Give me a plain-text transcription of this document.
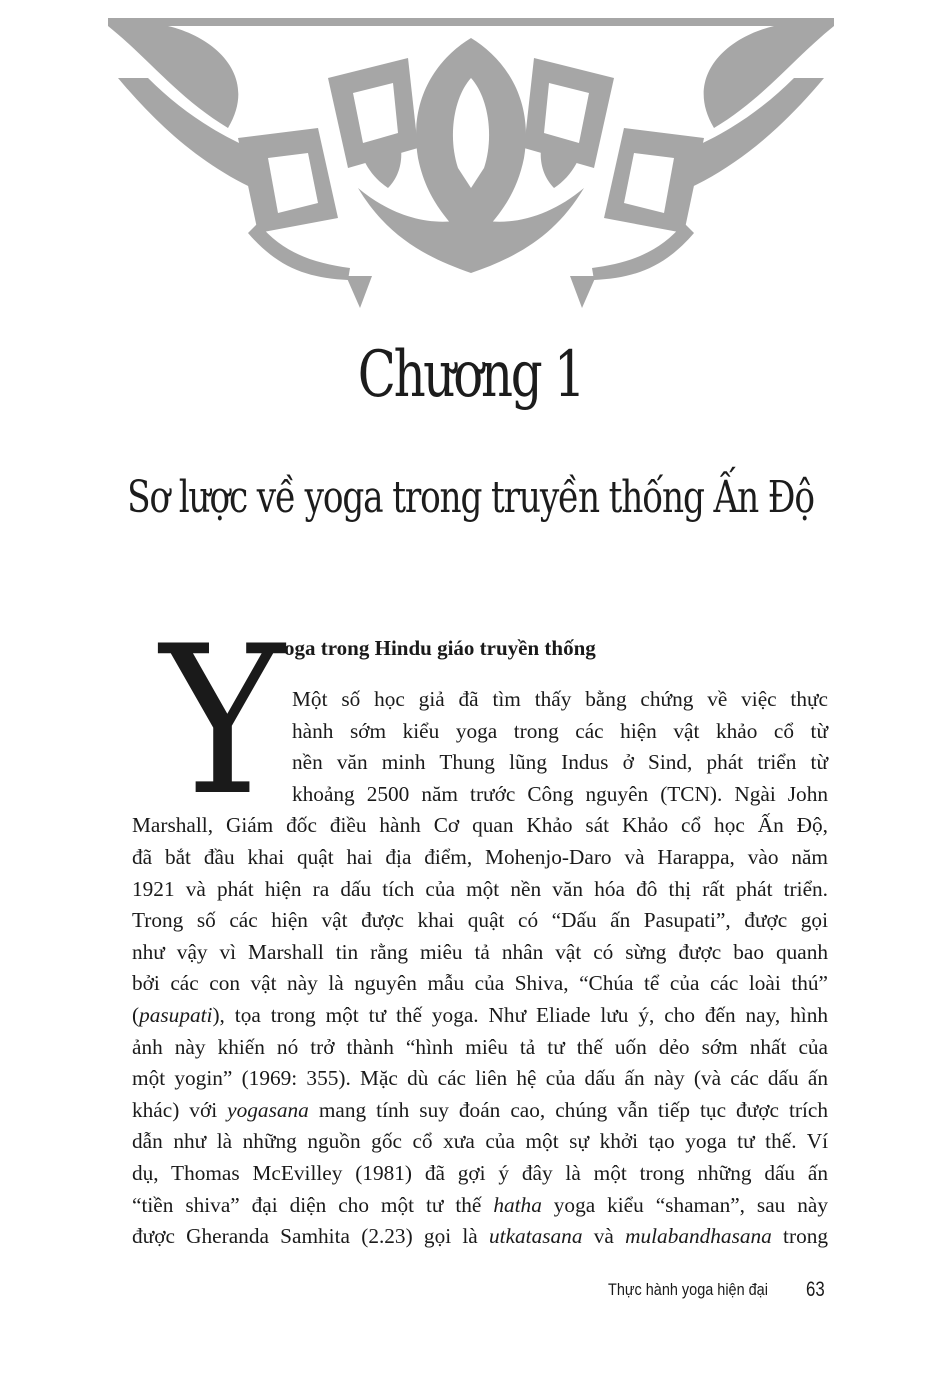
Chương 1
Sơ lược về yoga trong truyền thống Ấn Độ
Y oga trong Hindu giáo truyền thống
Một số học giả đã tìm thấy bằng chứng về việc thực
hành sớm kiểu yoga trong các hiện vật khảo cổ từ
nền văn minh Thung lũng Indus ở Sind, phát triển từ
khoảng 2500 năm trước Công nguyên (TCN). Ngài John
Marshall, Giám đốc điều hành Cơ quan Khảo sát Khảo cổ học Ấn Độ,
đã bắt đầu khai quật hai địa điểm, Mohenjo-Daro và Harappa, vào năm
1921 và phát hiện ra dấu tích của một nền văn hóa đô thị rất phát triển.
Trong số các hiện vật được khai quật có “Dấu ấn Pasupati”, được gọi
như vậy vì Marshall tin rằng miêu tả nhân vật có sừng được bao quanh
bởi các con vật này là nguyên mẫu của Shiva, “Chúa tể của các loài thú”
(pasupati), tọa trong một tư thế yoga. Như Eliade lưu ý, cho đến nay, hình
ảnh này khiến nó trở thành “hình miêu tả tư thế uốn dẻo sớm nhất của
một yogin” (1969: 355). Mặc dù các liên hệ của dấu ấn này (và các dấu ấn
khác) với yogasana mang tính suy đoán cao, chúng vẫn tiếp tục được trích
dẫn như là những nguồn gốc cổ xưa của một sự khởi tạo yoga tư thế. Ví
dụ, Thomas McEvilley (1981) đã gợi ý đây là một trong những dấu ấn
“tiền shiva” đại diện cho một tư thế hatha yoga kiểu “shaman”, sau này
được Gheranda Samhita (2.23) gọi là utkatasana và mulabandhasana trong
Thực hành yoga hiện đại 63
